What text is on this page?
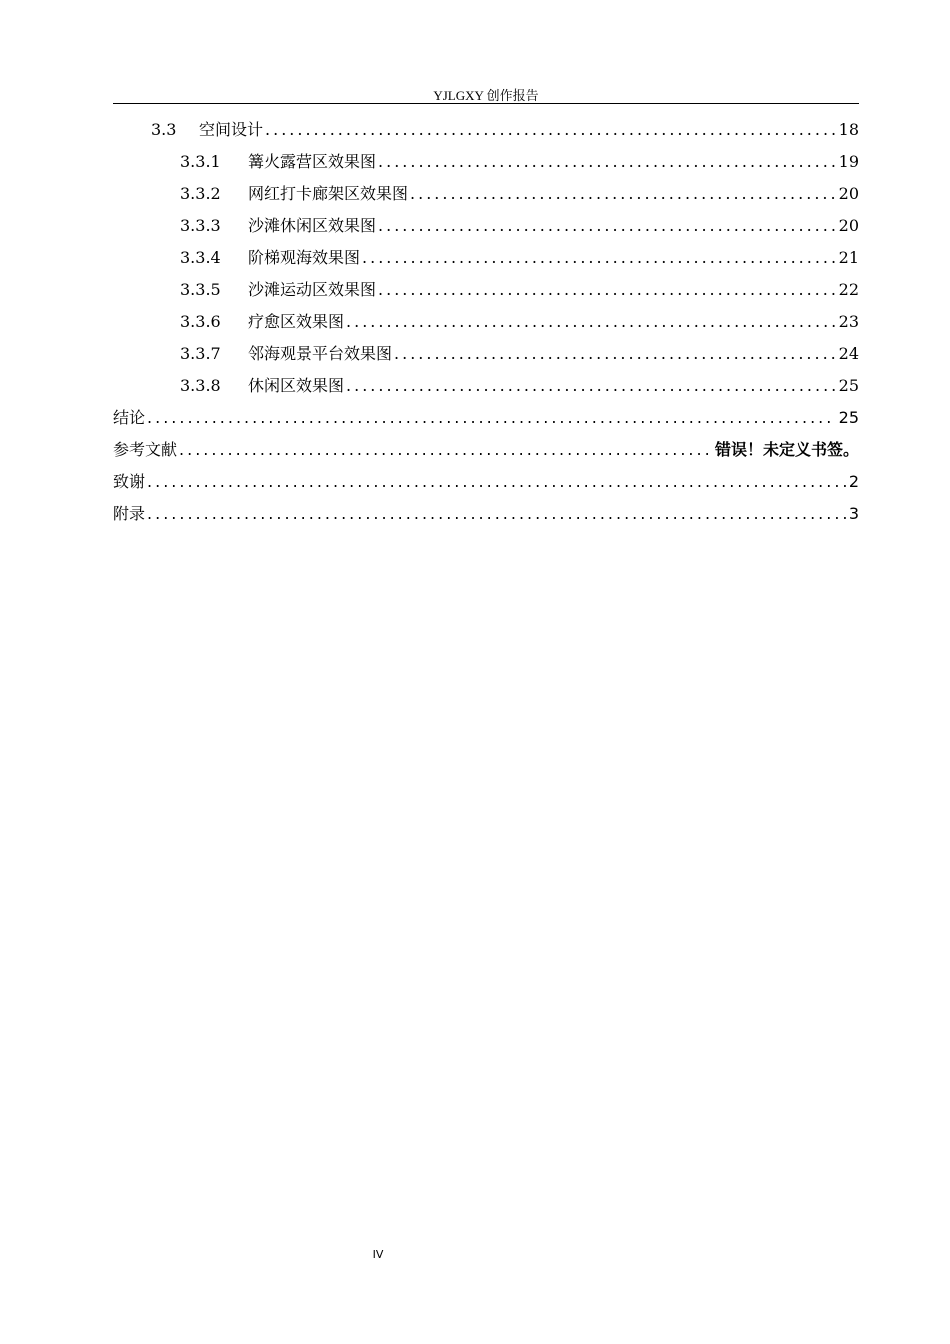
YJLGXY 创作报告
3.3	空间设计 .....	18
3.3.1	篝火露营区效果图 .....	19
3.3.2	网红打卡廊架区效果图 .....	20
3.3.3	沙滩休闲区效果图 .....	20
3.3.4	阶梯观海效果图 .....	21
3.3.5	沙滩运动区效果图 .....	22
3.3.6	疗愈区效果图 .....	23
3.3.7	邻海观景平台效果图 .....	24
3.3.8	休闲区效果图 .....	25
结论 .....	25
参考文献 .....	错误！未定义书签。
致谢 .....	2
附录 .....	3
IV
